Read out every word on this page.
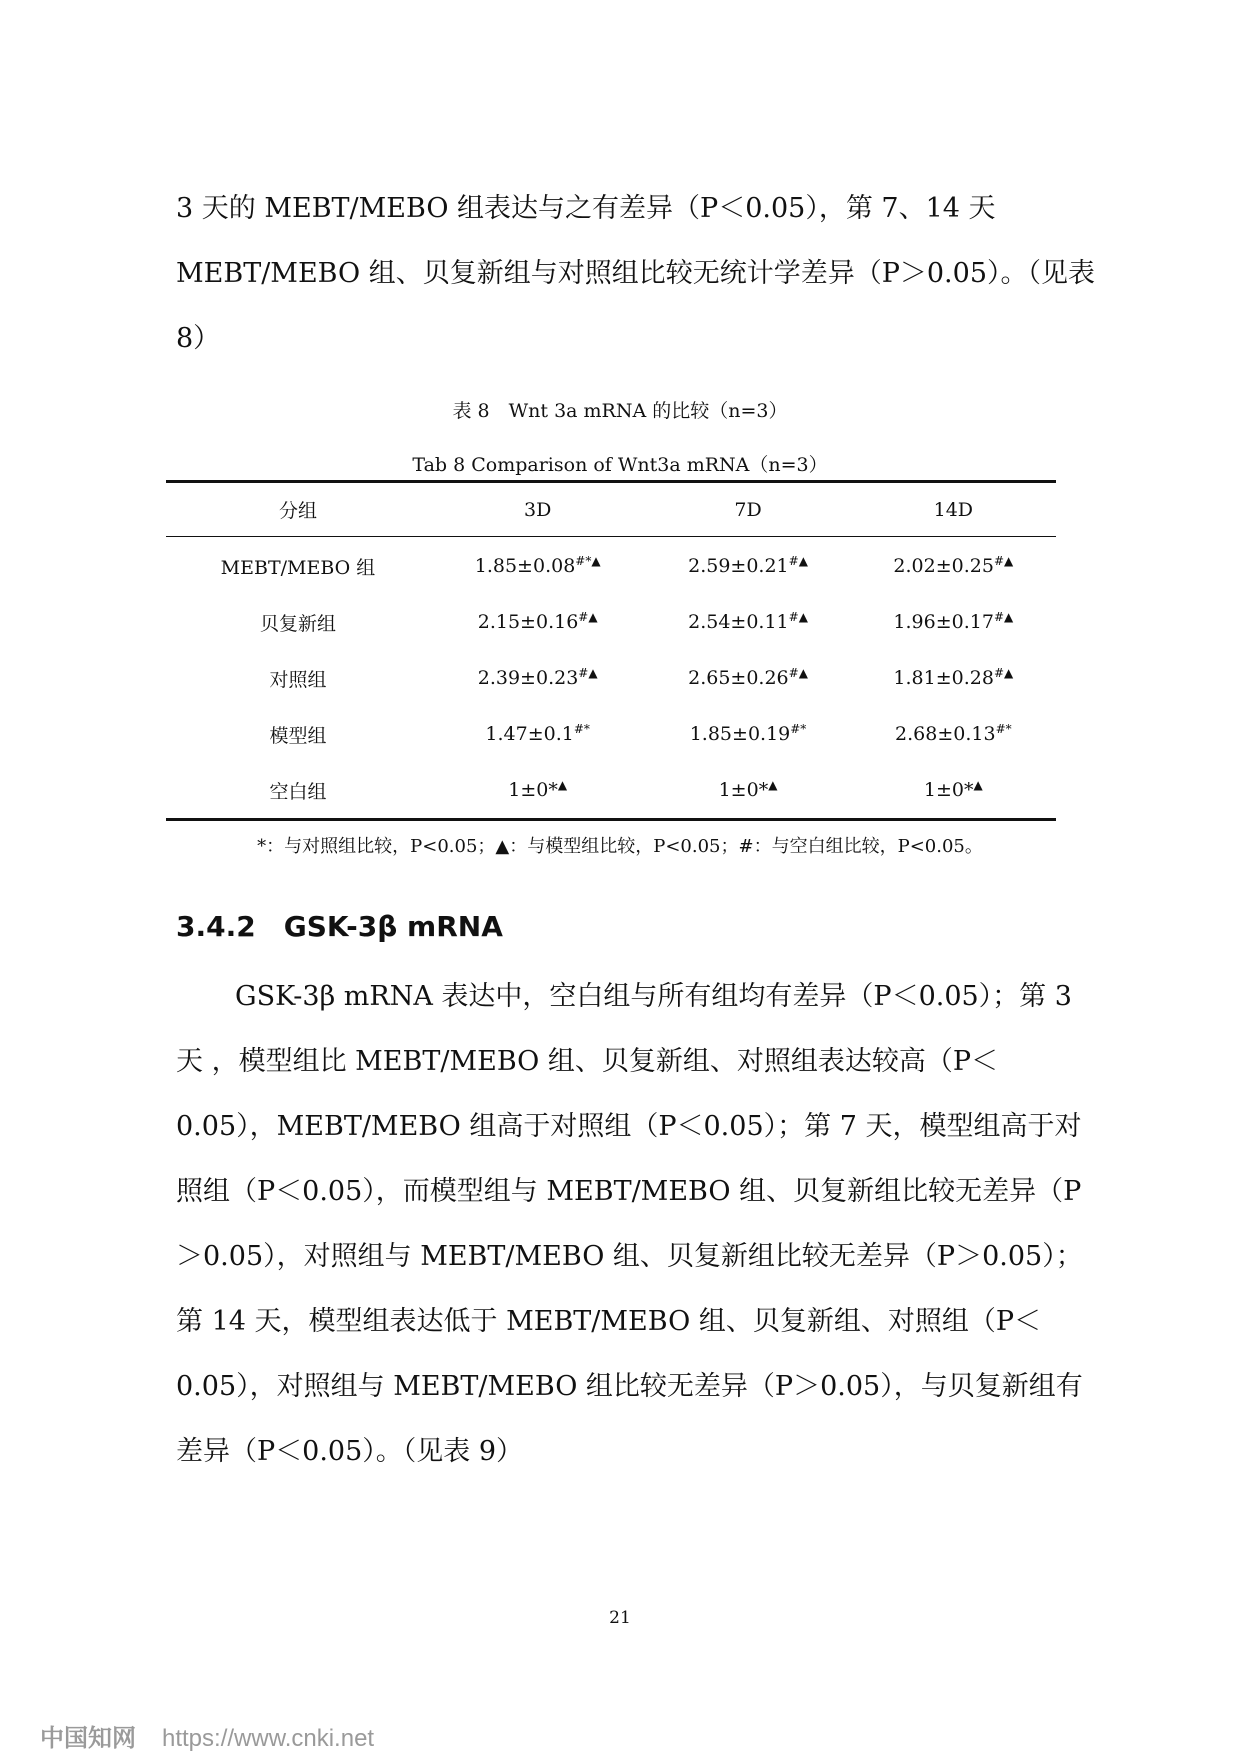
3 天的 MEBT/MEBO 组表达与之有差异（P＜0.05），第 7、14 天 MEBT/MEBO 组、贝复新组与对照组比较无统计学差异（P＞0.05）。（见表 8）

表 8　Wnt 3a mRNA 的比较（n=3）
Tab 8 Comparison of Wnt3a mRNA（n=3）
分组	3D	7D	14D
MEBT/MEBO 组	1.85±0.08#*▲	2.59±0.21#▲	2.02±0.25#▲
贝复新组	2.15±0.16#▲	2.54±0.11#▲	1.96±0.17#▲
对照组	2.39±0.23#▲	2.65±0.26#▲	1.81±0.28#▲
模型组	1.47±0.1#*	1.85±0.19#*	2.68±0.13#*
空白组	1±0*▲	1±0*▲	1±0*▲
*：与对照组比较，P<0.05；▲：与模型组比较，P<0.05；#：与空白组比较，P<0.05。
3.4.2　GSK-3β mRNA

GSK-3β mRNA 表达中，空白组与所有组均有差异（P＜0.05）；第 3 天 ，模型组比 MEBT/MEBO 组、贝复新组、对照组表达较高（P＜0.05），MEBT/MEBO 组高于对照组（P＜0.05）；第 7 天，模型组高于对照组（P＜0.05），而模型组与 MEBT/MEBO 组、贝复新组比较无差异（P＞0.05），对照组与 MEBT/MEBO 组、贝复新组比较无差异（P＞0.05）；第 14 天，模型组表达低于 MEBT/MEBO 组、贝复新组、对照组（P＜0.05），对照组与 MEBT/MEBO 组比较无差异（P＞0.05），与贝复新组有差异（P＜0.05）。（见表 9）

21
中国知网 https://www.cnki.net
